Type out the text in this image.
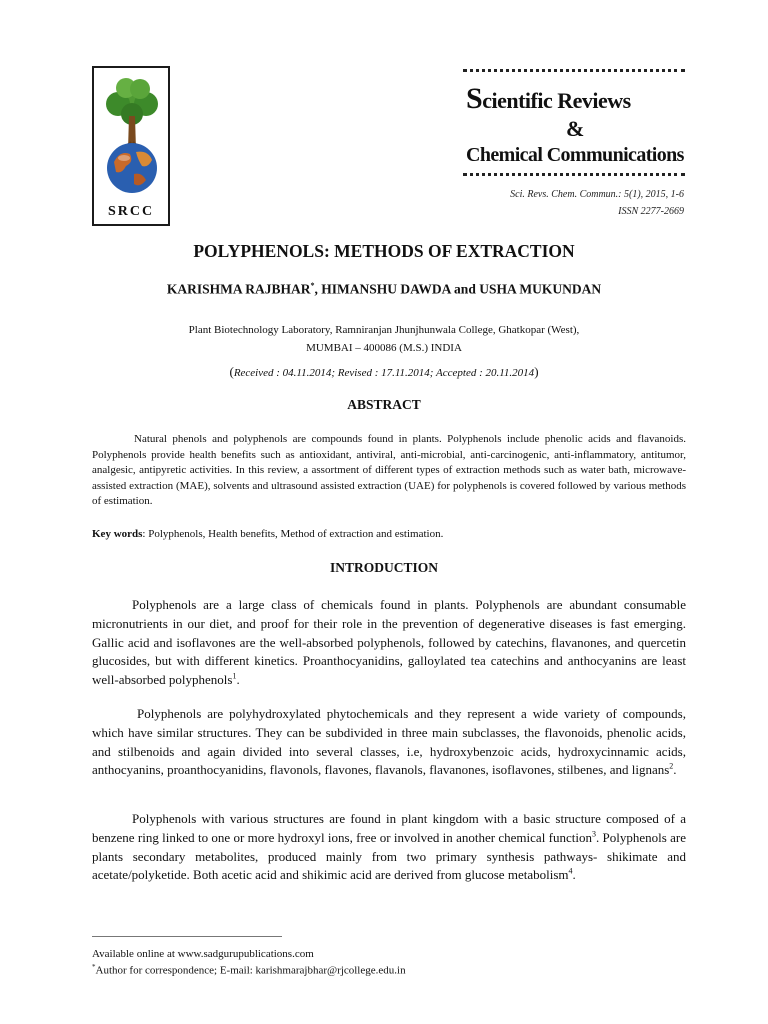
SRCC
Scientific Reviews
&
Chemical Communications
Sci. Revs. Chem. Commun.: 5(1), 2015, 1-6
ISSN 2277-2669
POLYPHENOLS: METHODS OF EXTRACTION
KARISHMA RAJBHAR*, HIMANSHU DAWDA and USHA MUKUNDAN
Plant Biotechnology Laboratory, Ramniranjan Jhunjhunwala College, Ghatkopar (West),
MUMBAI – 400086 (M.S.) INDIA
(Received : 04.11.2014; Revised : 17.11.2014; Accepted : 20.11.2014)
ABSTRACT

Natural phenols and polyphenols are compounds found in plants. Polyphenols include phenolic acids and flavanoids. Polyphenols provide health benefits such as antioxidant, antiviral, anti-microbial, anti-carcinogenic, anti-inflammatory, antitumor, analgesic, antipyretic activities. In this review, a assortment of different types of extraction methods such as water bath, microwave-assisted extraction (MAE), solvents and ultrasound assisted extraction (UAE) for polyphenols is covered followed by various methods of estimation.

Key words: Polyphenols, Health benefits, Method of extraction and estimation.
INTRODUCTION

Polyphenols are a large class of chemicals found in plants. Polyphenols are abundant consumable micronutrients in our diet, and proof for their role in the prevention of degenerative diseases is fast emerging. Gallic acid and isoflavones are the well-absorbed polyphenols, followed by catechins, flavanones, and quercetin glucosides, but with different kinetics. Proanthocyanidins, galloylated tea catechins and anthocyanins are least well-absorbed polyphenols$^1$.

Polyphenols are polyhydroxylated phytochemicals and they represent a wide variety of compounds, which have similar structures. They can be subdivided in three main subclasses, the flavonoids, phenolic acids, and stilbenoids and again divided into several classes, i.e, hydroxybenzoic acids, hydroxycinnamic acids, anthocyanins, proanthocyanidins, flavonols, flavones, flavanols, flavanones, isoflavones, stilbenes, and lignans$^2$.

Polyphenols with various structures are found in plant kingdom with a basic structure composed of a benzene ring linked to one or more hydroxyl ions, free or involved in another chemical function$^3$. Polyphenols are plants secondary metabolites, produced mainly from two primary synthesis pathways- shikimate and acetate/polyketide. Both acetic acid and shikimic acid are derived from glucose metabolism$^4$.

Available online at www.sadgurupublications.com
*Author for correspondence; E-mail: karishmarajbhar@rjcollege.edu.in
